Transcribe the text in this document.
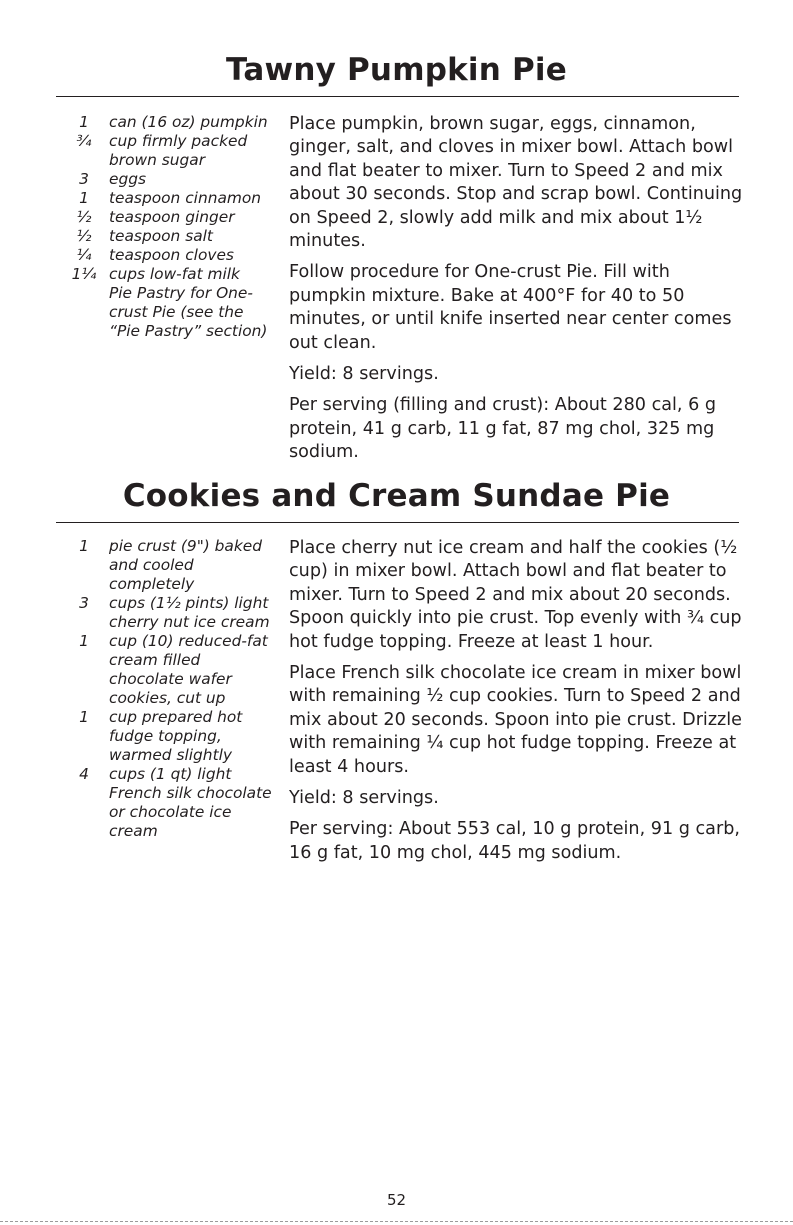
Tawny Pumpkin Pie
1	can (16 oz) pumpkin
¾	cup firmly packed brown sugar
3	eggs
1	teaspoon cinnamon
½	teaspoon ginger
½	teaspoon salt
¼	teaspoon cloves
1¼ cups low-fat milk
Pie Pastry for One-crust Pie (see the “Pie Pastry” section)

Place pumpkin, brown sugar, eggs, cinnamon, ginger, salt, and cloves in mixer bowl. Attach bowl and flat beater to mixer. Turn to Speed 2 and mix about 30 seconds. Stop and scrap bowl. Continuing on Speed 2, slowly add milk and mix about 1½ minutes.

Follow procedure for One-crust Pie. Fill with pumpkin mixture. Bake at 400°F for 40 to 50 minutes, or until knife inserted near center comes out clean.

Yield: 8 servings.

Per serving (filling and crust): About 280 cal, 6 g protein, 41 g carb, 11 g fat, 87 mg chol, 325 mg sodium.

Cookies and Cream Sundae Pie
1	pie crust (9") baked and cooled completely
3	cups (1½ pints) light cherry nut ice cream
1	cup (10) reduced-fat cream filled chocolate wafer cookies, cut up
1	cup prepared hot fudge topping, warmed slightly
4	cups (1 qt) light French silk chocolate or chocolate ice cream

Place cherry nut ice cream and half the cookies (½ cup) in mixer bowl. Attach bowl and flat beater to mixer. Turn to Speed 2 and mix about 20 seconds. Spoon quickly into pie crust. Top evenly with ¾ cup hot fudge topping. Freeze at least 1 hour.

Place French silk chocolate ice cream in mixer bowl with remaining ½ cup cookies. Turn to Speed 2 and mix about 20 seconds. Spoon into pie crust. Drizzle with remaining ¼ cup hot fudge topping. Freeze at least 4 hours.

Yield: 8 servings.

Per serving: About 553 cal, 10 g protein, 91 g carb, 16 g fat, 10 mg chol, 445 mg sodium.

52
